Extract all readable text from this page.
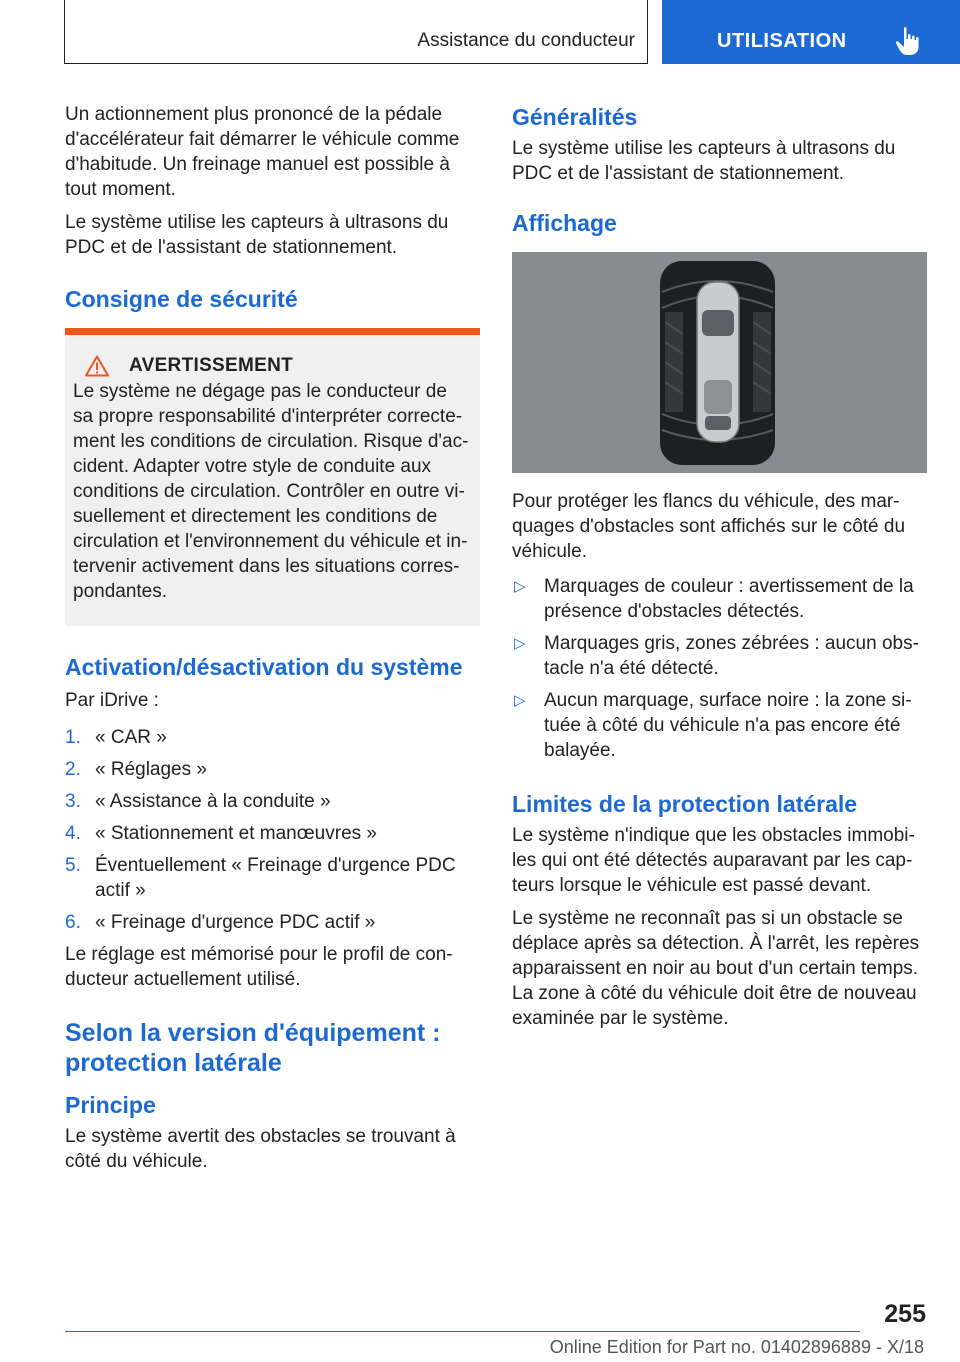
Assistance du conducteur	UTILISATION

Un actionnement plus prononcé de la pédale d'accélérateur fait démarrer le véhicule comme d'habitude. Un freinage manuel est possible à tout moment.

Le système utilise les capteurs à ultrasons du PDC et de l'assistant de stationnement.

Consigne de sécurité
AVERTISSEMENT
Le système ne dégage pas le conducteur de sa propre responsabilité d'interpréter correctement les conditions de circulation. Risque d'accident. Adapter votre style de conduite aux conditions de circulation. Contrôler en outre visuellement et directement les conditions de circulation et l'environnement du véhicule et intervenir activement dans les situations correspondantes.
Activation/désactivation du système

Par iDrive :

1. « CAR »
2. « Réglages »
3. « Assistance à la conduite »
4. « Stationnement et manœuvres »
5. Éventuellement « Freinage d'urgence PDC actif »
6. « Freinage d'urgence PDC actif »

Le réglage est mémorisé pour le profil de conducteur actuellement utilisé.

Selon la version d'équipement : protection latérale
Principe

Le système avertit des obstacles se trouvant à côté du véhicule.

Généralités

Le système utilise les capteurs à ultrasons du PDC et de l'assistant de stationnement.

Affichage

Pour protéger les flancs du véhicule, des marquages d'obstacles sont affichés sur le côté du véhicule.

▷ Marquages de couleur : avertissement de la présence d'obstacles détectés.
▷ Marquages gris, zones zébrées : aucun obstacle n'a été détecté.
▷ Aucun marquage, surface noire : la zone située à côté du véhicule n'a pas encore été balayée.
Limites de la protection latérale

Le système n'indique que les obstacles immobiles qui ont été détectés auparavant par les capteurs lorsque le véhicule est passé devant.

Le système ne reconnaît pas si un obstacle se déplace après sa détection. À l'arrêt, les repères apparaissent en noir au bout d'un certain temps. La zone à côté du véhicule doit être de nouveau examinée par le système.

255
Online Edition for Part no. 01402896889 - X/18
